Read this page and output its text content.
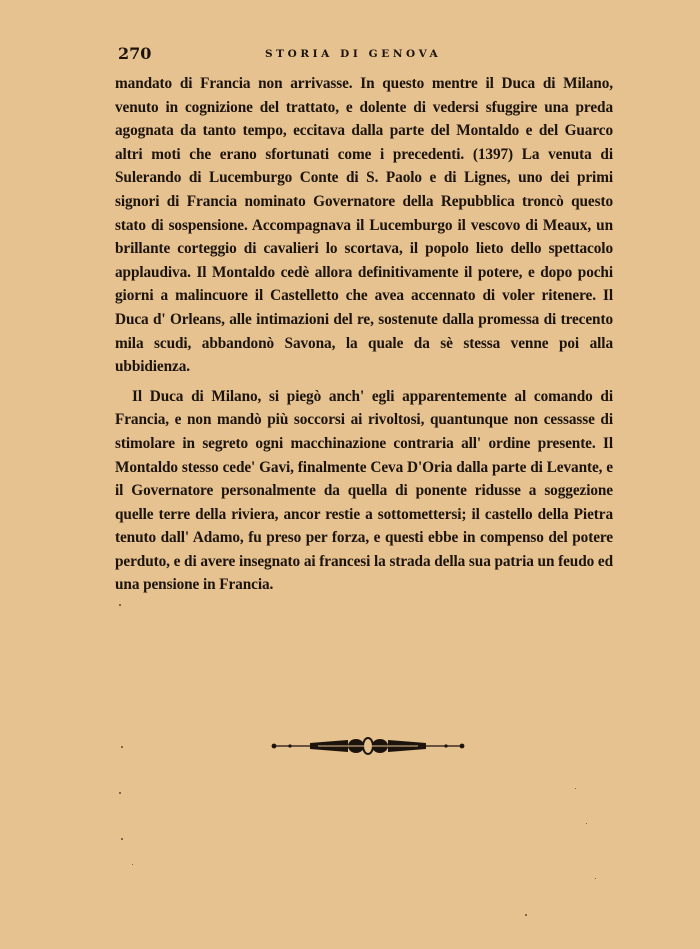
270	STORIA DI GENOVA

mandato di Francia non arrivasse. In questo mentre il Duca di Milano, venuto in cognizione del trattato, e dolente di vedersi sfuggire una preda agognata da tanto tempo, eccitava dalla parte del Montaldo e del Guarco altri moti che erano sfortunati come i precedenti. (1397) La venuta di Sulerando di Lucemburgo Conte di S. Paolo e di Lignes, uno dei primi signori di Francia nominato Governatore della Repubblica troncò questo stato di sospensione. Accompagnava il Lucemburgo il vescovo di Meaux, un brillante corteggio di cavalieri lo scortava, il popolo lieto dello spettacolo applaudiva. Il Montaldo cedè allora definitivamente il potere, e dopo pochi giorni a malincuore il Castelletto che avea accennato di voler ritenere. Il Duca d' Orleans, alle intimazioni del re, sostenute dalla promessa di trecento mila scudi, abbandonò Savona, la quale da sè stessa venne poi alla ubbidienza.

Il Duca di Milano, si piegò anch' egli apparentemente al comando di Francia, e non mandò più soccorsi ai rivoltosi, quantunque non cessasse di stimolare in segreto ogni macchinazione contraria all' ordine presente. Il Montaldo stesso cede' Gavi, finalmente Ceva D'Oria dalla parte di Levante, e il Governatore personalmente da quella di ponente ridusse a soggezione quelle terre della riviera, ancor restie a sottomettersi; il castello della Pietra tenuto dall' Adamo, fu preso per forza, e questi ebbe in compenso del potere perduto, e di avere insegnato ai francesi la strada della sua patria un feudo ed una pensione in Francia.
